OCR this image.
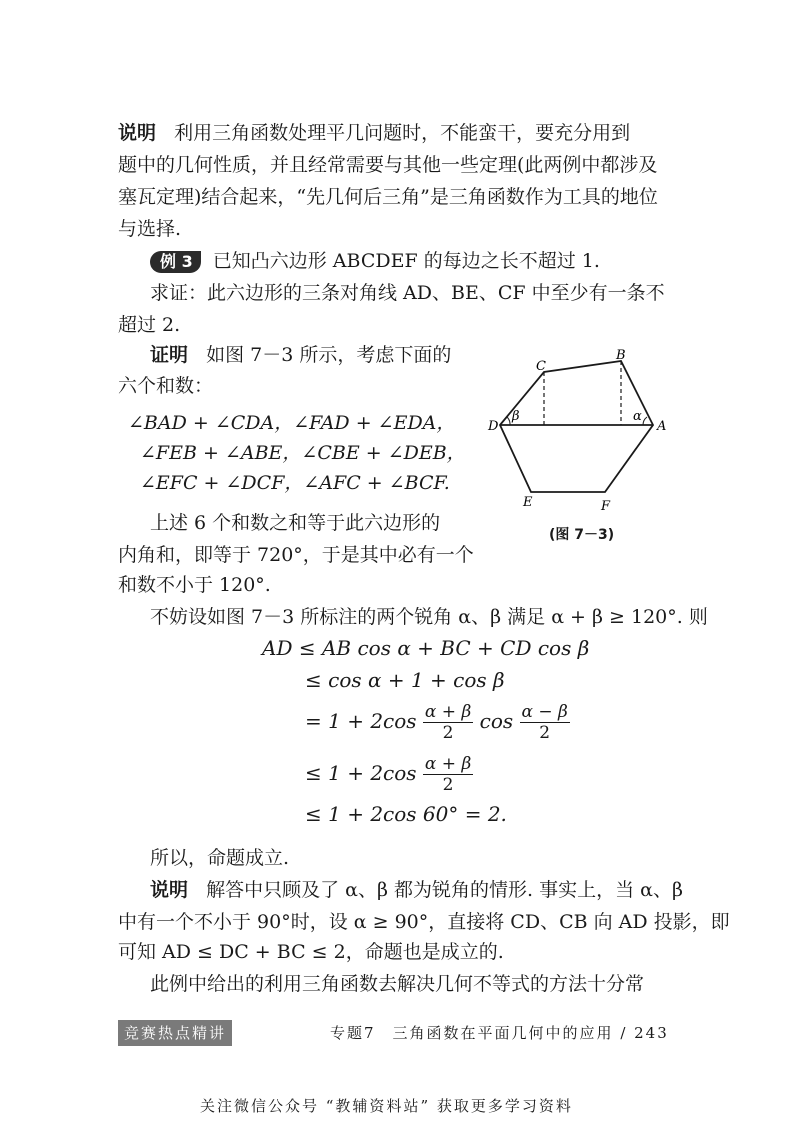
说明 利用三角函数处理平几问题时，不能蛮干，要充分用到

题中的几何性质，并且经常需要与其他一些定理(此两例中都涉及

塞瓦定理)结合起来，“先几何后三角”是三角函数作为工具的地位

与选择.

例 3 已知凸六边形 ABCDEF 的每边之长不超过 1.

求证：此六边形的三条对角线 AD、BE、CF 中至少有一条不

超过 2.

证明 如图 7－3 所示，考虑下面的

六个和数：

∠BAD + ∠CDA，∠FAD + ∠EDA，

∠FEB + ∠ABE，∠CBE + ∠DEB，

∠EFC + ∠DCF，∠AFC + ∠BCF.

上述 6 个和数之和等于此六边形的

内角和，即等于 720°，于是其中必有一个

和数不小于 120°.

不妨设如图 7－3 所标注的两个锐角 α、β 满足 α + β ≥ 120°. 则

C
B
D	A
E	F
β	α
(图 7－3)
AD ≤ AB cos α + BC + CD cos β
≤ cos α + 1 + cos β
= $1 + 2\cos \frac{\alpha + \beta}{2}$ $\cos \frac{\alpha - \beta}{2}$
≤ $1 + 2\cos \frac{\alpha + \beta}{2}$
≤ 1 + 2cos 60° = 2.

所以，命题成立.

说明 解答中只顾及了 α、β 都为锐角的情形. 事实上，当 α、β

中有一个不小于 90°时，设 α ≥ 90°，直接将 CD、CB 向 AD 投影，即

可知 AD ≤ DC + BC ≤ 2，命题也是成立的.

此例中给出的利用三角函数去解决几何不等式的方法十分常

竞赛热点精讲	专题7　三角函数在平面几何中的应用 / 243
关注微信公众号 “教辅资料站” 获取更多学习资料
